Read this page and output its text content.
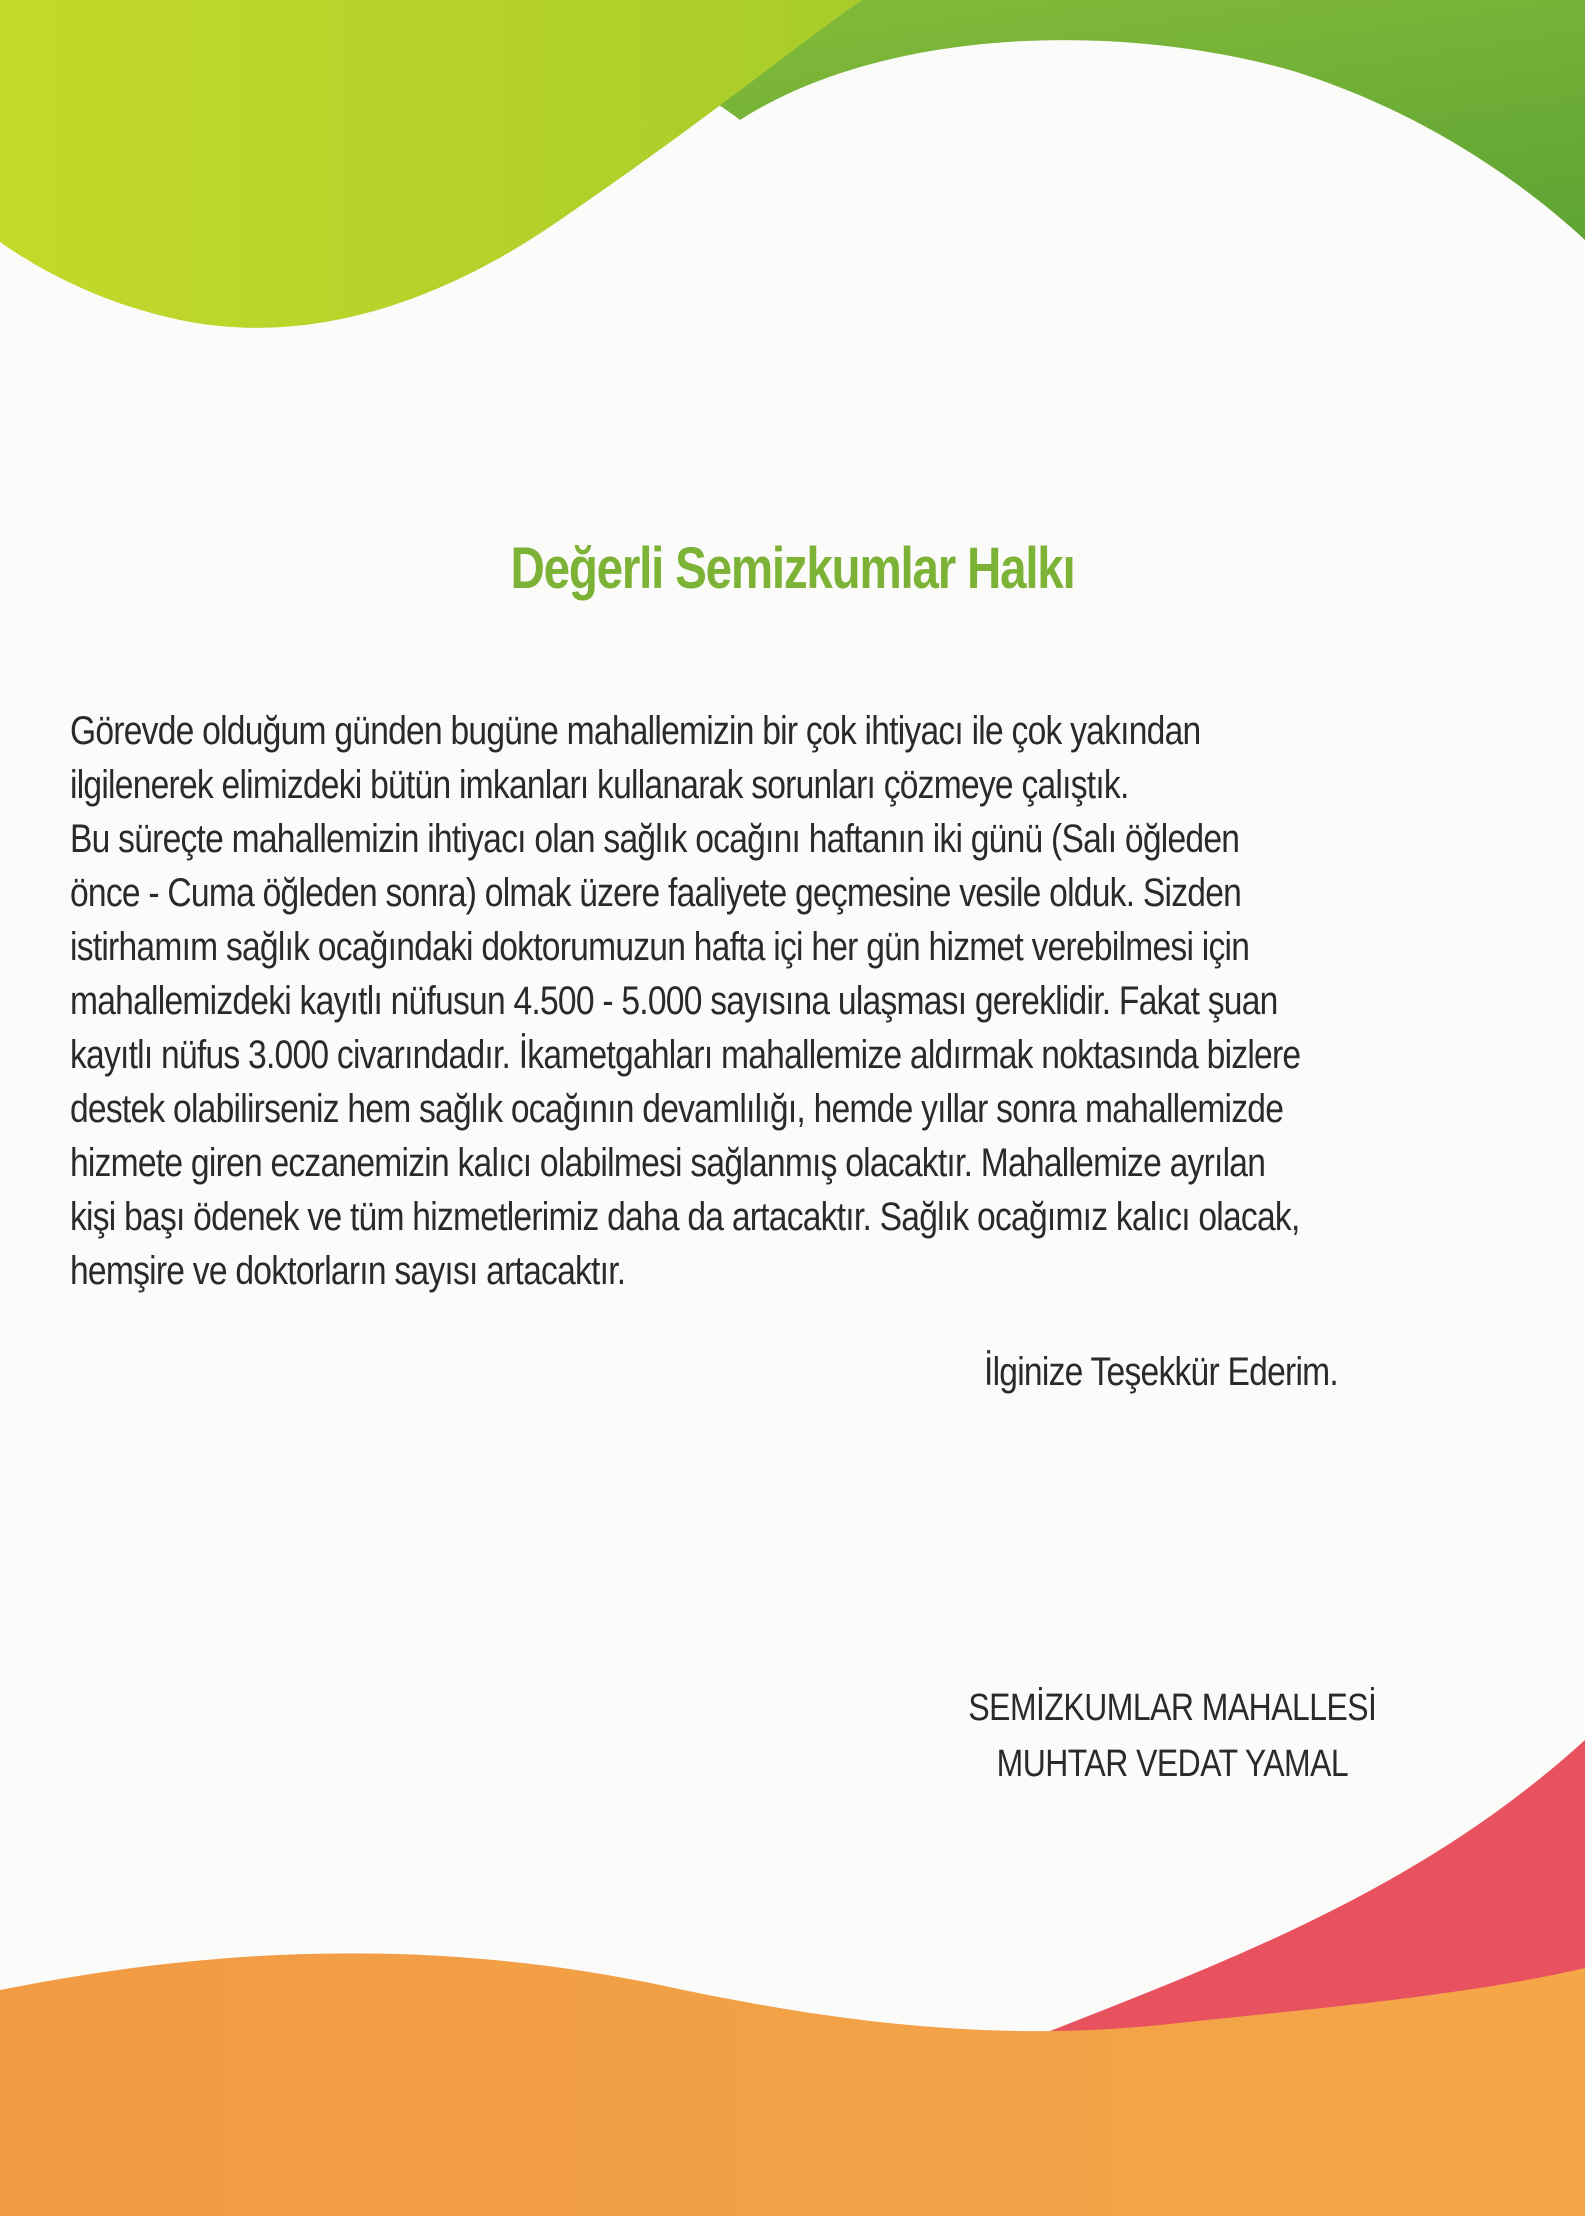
Değerli Semizkumlar Halkı

Görevde olduğum günden bugüne mahallemizin bir çok ihtiyacı ile çok yakından
ilgilenerek elimizdeki bütün imkanları kullanarak sorunları çözmeye çalıştık.
Bu süreçte mahallemizin ihtiyacı olan sağlık ocağını haftanın iki günü (Salı öğleden
önce - Cuma öğleden sonra) olmak üzere faaliyete geçmesine vesile olduk. Sizden
istirhamım sağlık ocağındaki doktorumuzun hafta içi her gün hizmet verebilmesi için
mahallemizdeki kayıtlı nüfusun 4.500 - 5.000 sayısına ulaşması gereklidir. Fakat şuan
kayıtlı nüfus 3.000 civarındadır. İkametgahları mahallemize aldırmak noktasında bizlere
destek olabilirseniz hem sağlık ocağının devamlılığı, hemde yıllar sonra mahallemizde
hizmete giren eczanemizin kalıcı olabilmesi sağlanmış olacaktır. Mahallemize ayrılan
kişi başı ödenek ve tüm hizmetlerimiz daha da artacaktır. Sağlık ocağımız kalıcı olacak,
hemşire ve doktorların sayısı artacaktır.

İlginize Teşekkür Ederim.

SEMİZKUMLAR MAHALLESİ
MUHTAR VEDAT YAMAL
